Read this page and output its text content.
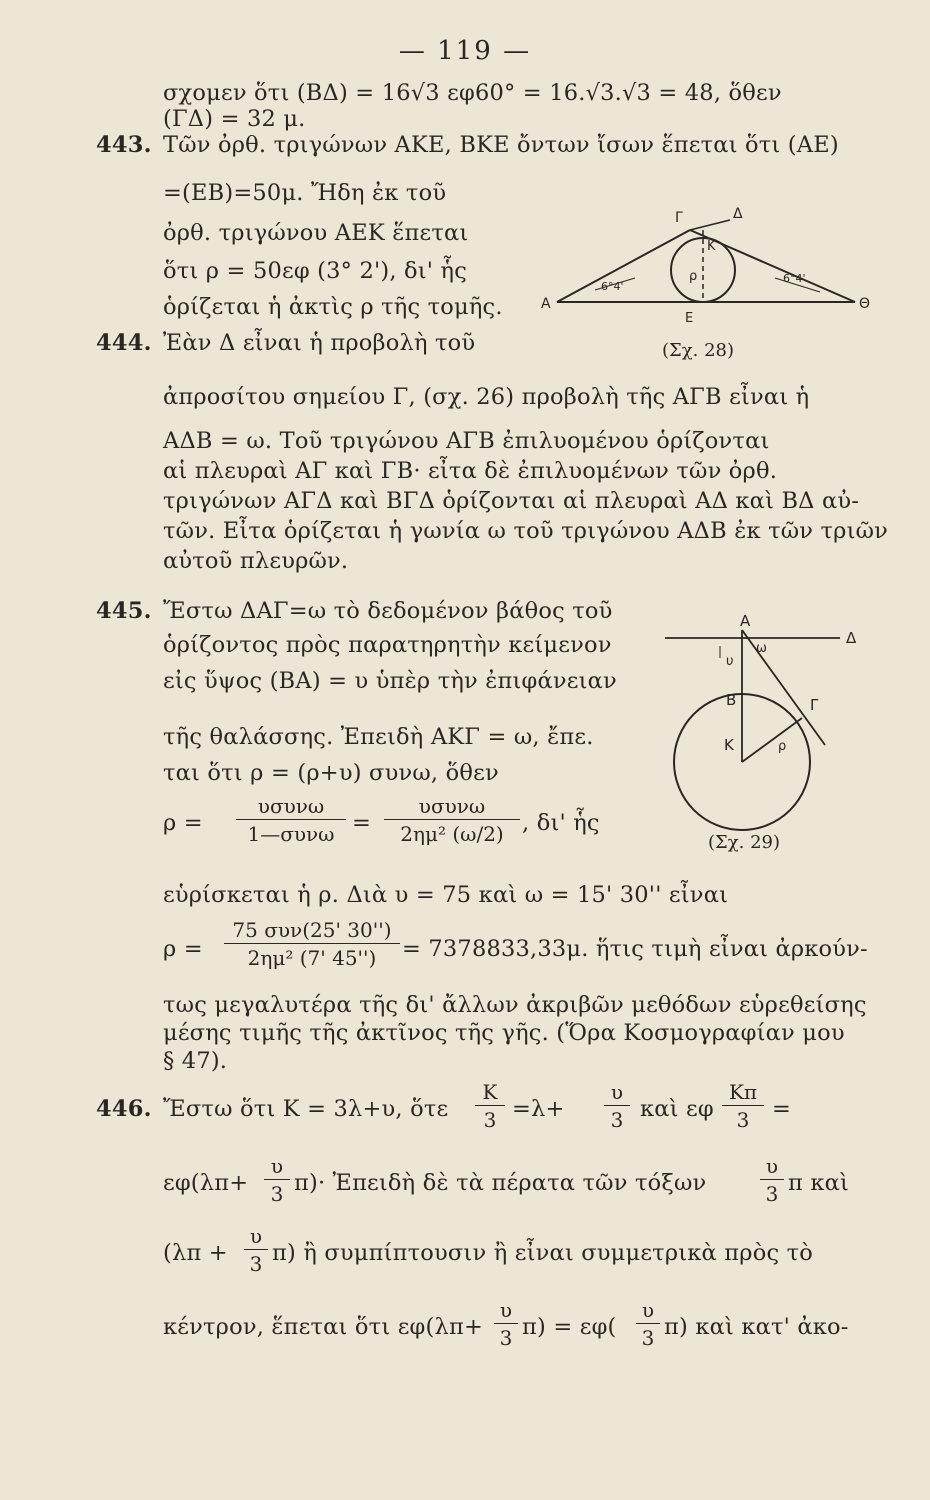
— 119 —
σχομεν ὅτι (ΒΔ) = 16√3 εφ60° = 16.√3.√3 = 48, ὅθεν
(ΓΔ) = 32 μ.
443. Τῶν ὀρθ. τριγώνων ΑΚΕ, ΒΚΕ ὄντων ἴσων ἕπεται ὅτι (ΑΕ)
=(ΕΒ)=50μ. Ἤδη ἐκ τοῦ
ὀρθ. τριγώνου ΑΕΚ ἕπεται
ὅτι ρ = 50εφ (3° 2'), δι' ἧς
ὁρίζεται ἡ ἀκτὶς ρ τῆς τομῆς.
444. Ἐὰν Δ εἶναι ἡ προβολὴ τοῦ
Α
Ε
Θ
Γ	Δ
Κ
ρ
6°4'
6°4'
(Σχ. 28)
ἀπροσίτου σημείου Γ, (σχ. 26) προβολὴ τῆς ΑΓΒ εἶναι ἡ
ΑΔΒ = ω. Τοῦ τριγώνου ΑΓΒ ἐπιλυομένου ὁρίζονται
αἱ πλευραὶ ΑΓ καὶ ΓΒ· εἶτα δὲ ἐπιλυομένων τῶν ὀρθ.
τριγώνων ΑΓΔ καὶ ΒΓΔ ὁρίζονται αἱ πλευραὶ ΑΔ καὶ ΒΔ αὐ-
τῶν. Εἶτα ὁρίζεται ἡ γωνία ω τοῦ τριγώνου ΑΔΒ ἐκ τῶν τριῶν
αὐτοῦ πλευρῶν.
445. Ἔστω ΔΑΓ=ω τὸ δεδομένον βάθος τοῦ
ὁρίζοντος πρὸς παρατηρητὴν κείμενον
εἰς ὕψος (ΒΑ) = υ ὑπὲρ τὴν ἐπιφάνειαν
τῆς θαλάσσης. Ἐπειδὴ ΑΚΓ = ω, ἔπε.
ται ὅτι ρ = (ρ+υ) συνω, ὅθεν
Α
Δ
Β	Γ
Κ
υ
ω
ρ
(Σχ. 29)
ρ =
υσυνω
1—συνω =
υσυνω
2ημ² (ω/2) , δι' ἧς
εὑρίσκεται ἡ ρ. Διὰ υ = 75 καὶ ω = 15' 30'' εἶναι
ρ =
75 συν(25' 30'')
2ημ² (7' 45'')	= 7378833,33μ. ἥτις τιμὴ εἶναι ἀρκούν-
τως μεγαλυτέρα τῆς δι' ἄλλων ἀκριβῶν μεθόδων εὑρεθείσης
μέσης τιμῆς τῆς ἀκτῖνος τῆς γῆς. (Ὅρα Κοσμογραφίαν μου
§ 47).
446. Ἔστω ὅτι Κ = 3λ+υ, ὅτε $\frac{K}{3} =\lambda+ \frac{\upsilon}{3}$ καὶ εφ $\frac{K\pi}{3}$ =
$\varepsilon\varphi(\lambda\pi+ \frac{\upsilon}{3} \pi)\cdot$ Ἐπειδὴ δὲ τὰ πέρατα τῶν τόξων	$\frac{\upsilon}{3}$ π καὶ
$(\lambda\pi + \frac{\upsilon}{3} \pi)$ ἢ συμπίπτουσιν ἢ εἶναι συμμετρικὰ πρὸς τὸ
κέντρον, ἕπεται ὅτι $\varepsilon\varphi(\lambda\pi+ \frac{\upsilon}{3} \pi) = \varepsilon\varphi( \frac{\upsilon}{3} \pi)$ καὶ κατ' ἀκο-
